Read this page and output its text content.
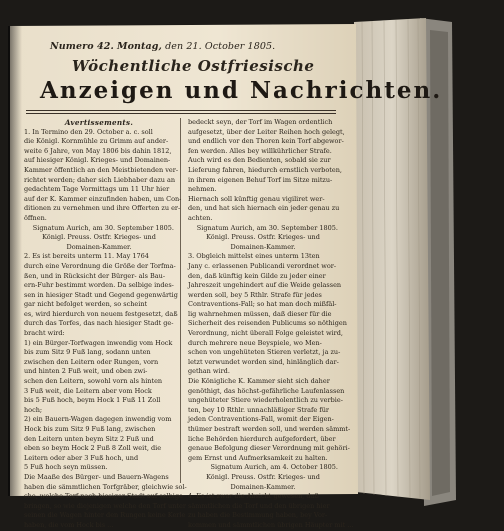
Numero 42. Montag, den 21. October 1805.
Wöchentliche Ostfriesische
Anzeigen und Nachrichten.
Avertissements.
1. In Termino den 29. October a. c. soll
die Königl. Kornmühle zu Grimm auf ander-
weite 6 Jahre, von May 1806 bis dahin 1812,
auf hiesiger Königl. Krieges- und Domainen-
Kammer öffentlich an den Meistbietenden ver-
richtet werden; daher sich Liebhaber dazu an
gedachtem Tage Vormittags um 11 Uhr hier
auf der K. Kammer einzufinden haben, um Con-
ditionen zu vernehmen und ihre Offerten zu er-
öffnen.
Signatum Aurich, am 30. September 1805.
Königl. Preuss. Ostfr. Krieges- und
Domainen-Kammer.
2. Es ist bereits unterm 11. May 1764
durch eine Verordnung die Größe der Torfma-
ßen, und in Rücksicht der Bürger- als Bau-
ern-Fuhr bestimmt worden. Da selbige indes-
sen in hiesiger Stadt und Gegend gegenwärtig
gar nicht befolget werden, so scheint
es, wird hierdurch von neuem festgesetzt, daß
durch das Torfes, das nach hiesiger Stadt ge-
bracht wird:
1) ein Bürger-Torfwagen inwendig vom Hock
bis zum Sitz 9 Fuß lang, sodann unten
zwischen den Leitern oder Rungen, vorn
und hinten 2 Fuß weit, und oben zwi-
schen den Leitern, sowohl vorn als hinten
3 Fuß weit, die Leitern aber vom Hock
bis 5 Fuß hoch, beym Hock 1 Fuß 11 Zoll
hoch;
2) ein Bauern-Wagen dagegen inwendig vom
Hock bis zum Sitz 9 Fuß lang, zwischen
den Leitern unten beym Sitz 2 Fuß und
eben so beym Hock 2 Fuß 8 Zoll weit, die
Leitern oder aber 3 Fuß hoch, und
5 Fuß hoch seyn müssen.
Die Maaße des Bürger- und Bauern-Wagens
haben die sämmtlichen Torfgräber, gleichwie sol-
che, welche Torf nach hiesiger Stadt auf selbige
bringen, so wie diejenigen welche den Torf unter
seinen die Wagen hinter den Rungen keine Kerle
haben, die vom Hock bis ...
bedeckt seyn, der Torf im Wagen ordentlich
aufgesetzt, über der Leiter Reihen hoch gelegt,
und endlich vor den Thoren kein Torf abgewor-
fen werden. Alles bey willkührlicher Strafe.
Auch wird es den Bedienten, sobald sie zur
Lieferung fahren, hiedurch ernstlich verboten,
in ihrem eigenen Behuf Torf im Sitze mitzu-
nehmen.
Hiernach soll künftig genau vigiliret wer-
den, und hat sich hiernach ein jeder genau zu
achten.
Signatum Aurich, am 30. September 1805.
Königl. Preuss. Ostfr. Krieges- und
Domainen-Kammer.
3. Obgleich mittelst eines unterm 13ten
Jany c. erlassenen Publicandi verordnet wor-
den, daß künftig kein Gilde zu jeder einer
Jahreszeit ungehindert auf die Weide gelassen
werden soll, bey 5 Rthlr. Strafe für jedes
Contraventions-Fall; so hat man doch mißfäl-
lig wahrnehmen müssen, daß dieser für die
Sicherheit des reisenden Publicums so nöthigen
Verordnung, nicht überall Folge geleistet wird,
durch mehrere neue Beyspiele, wo Men-
schen von ungehüteten Stieren verletzt, ja zu-
letzt verwundet worden sind, hinlänglich dar-
gethan wird.
Die Königliche K. Kammer sieht sich daher
genöthigt, das höchst-gefährliche Laufenlassen
ungehüteter Stiere wiederholentlich zu verbie-
ten, bey 10 Rthlr. unnachläßiger Strafe für
jeden Contraventions-Fall, womit der Eigen-
thümer bestraft werden soll, und werden sämmt-
liche Behörden hierdurch aufgefordert, über
genaue Befolgung dieser Verordnung mit gehöri-
gem Ernst und Aufmerksamkeit zu halten.
Signatum Aurich, am 4. October 1805.
Königl. Preuss. Ostfr. Krieges- und
Domainen-Kammer.
4. Es ist zwar die Absicht gewesen, daß
sämmtlichen die Torf und den übrigen hier
zu haben die Bestimmung haben, bey Vor-
kommen und sämmtlichen übrigen Häupter mit ...
